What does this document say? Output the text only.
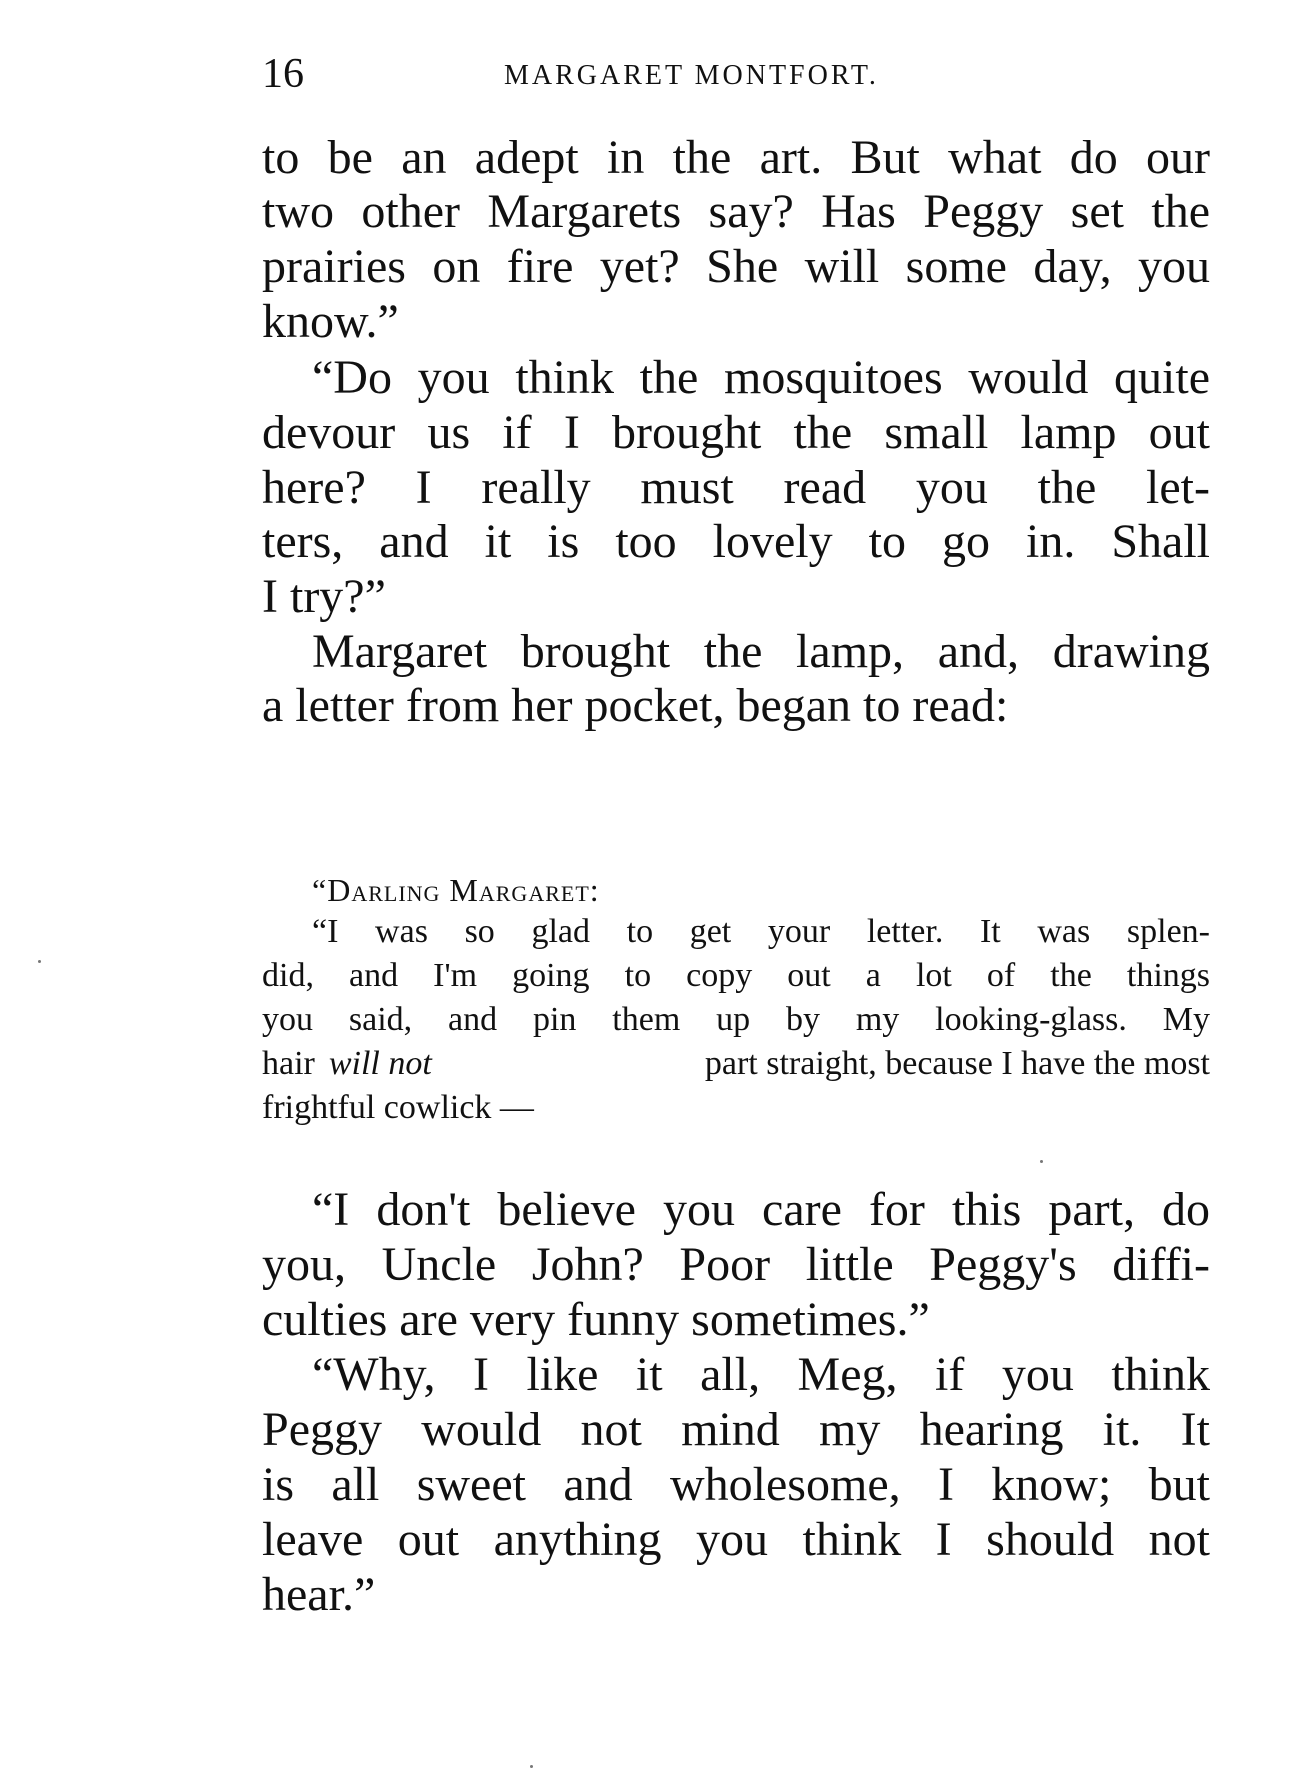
16	MARGARET MONTFORT.
to be an adept in the art. But what do our
two other Margarets say? Has Peggy set the
prairies on fire yet? She will some day, you
know.”
“Do you think the mosquitoes would quite
devour us if I brought the small lamp out
here? I really must read you the let-
ters, and it is too lovely to go in. Shall
I try?”
Margaret brought the lamp, and, drawing
a letter from her pocket, began to read:
“Darling Margaret:
“I was so glad to get your letter. It was splen-
did, and I'm going to copy out a lot of the things
you said, and pin them up by my looking-glass. My
hair will not	part straight, because I have the most
frightful cowlick —
“I don't believe you care for this part, do
you, Uncle John? Poor little Peggy's diffi-
culties are very funny sometimes.”
“Why, I like it all, Meg, if you think
Peggy would not mind my hearing it. It
is all sweet and wholesome, I know; but
leave out anything you think I should not
hear.”
